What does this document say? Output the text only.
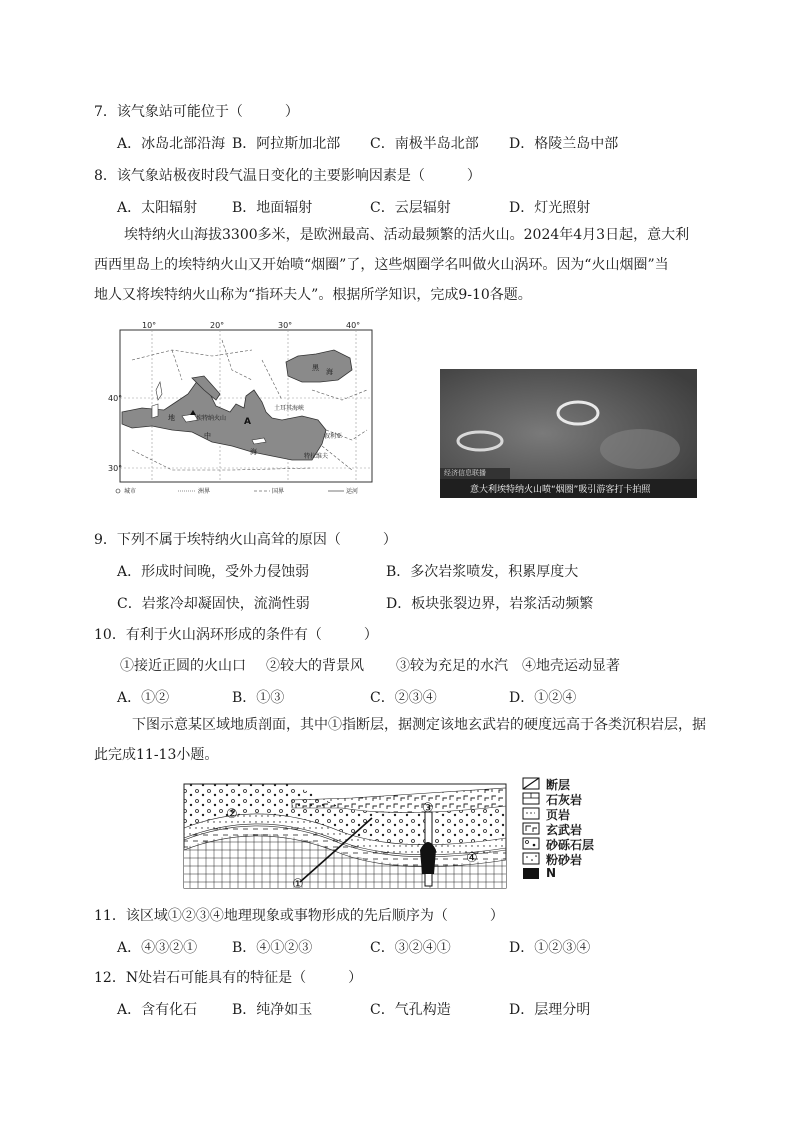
7．该气象站可能位于（　　　）
A．冰岛北部沿海 B．阿拉斯加北部 C．南极半岛北部 D．格陵兰岛中部
8．该气象站极夜时段气温日变化的主要影响因素是（　　　）
A．太阳辐射 B．地面辐射	C．云层辐射	D．灯光照射
埃特纳火山海拔3300多米，是欧洲最高、活动最频繁的活火山。2024年4月3日起，意大利
西西里岛上的埃特纳火山又开始喷“烟圈”了，这些烟圈学名叫做火山涡环。因为“火山烟圈”当
地人又将埃特纳火山称为“指环夫人”。根据所学知识，完成9-10各题。
10°	20°	30°	40°
40°
30°
黑 海
地
中
海
埃特纳火山
土耳其海峡
叙利亚
特拉维夫
A
城市	洲界	国界	运河
经济信息联播
意大利埃特纳火山喷“烟圈”吸引游客打卡拍照
9．下列不属于埃特纳火山高耸的原因（　　　）
A．形成时间晚，受外力侵蚀弱	B．多次岩浆喷发，积累厚度大
C．岩浆冷却凝固快，流淌性弱	D．板块张裂边界，岩浆活动频繁
10．有利于火山涡环形成的条件有（　　　）
①接近正圆的火山口 ②较大的背景风 ③较为充足的水汽 ④地壳运动显著
A．①②	B．①③	C．②③④	D．①②④
下图示意某区域地质剖面，其中①指断层，据测定该地玄武岩的硬度远高于各类沉积岩层，据
此完成11-13小题。
①
②	③
④
断层
石灰岩
页岩
玄武岩
砂砾石层
粉砂岩
N
11．该区域①②③④地理现象或事物形成的先后顺序为（　　　）
A．④③②① B．④①②③	C．③②④①	D．①②③④
12．N处岩石可能具有的特征是（　　　）
A．含有化石 B．纯净如玉	C．气孔构造	D．层理分明
